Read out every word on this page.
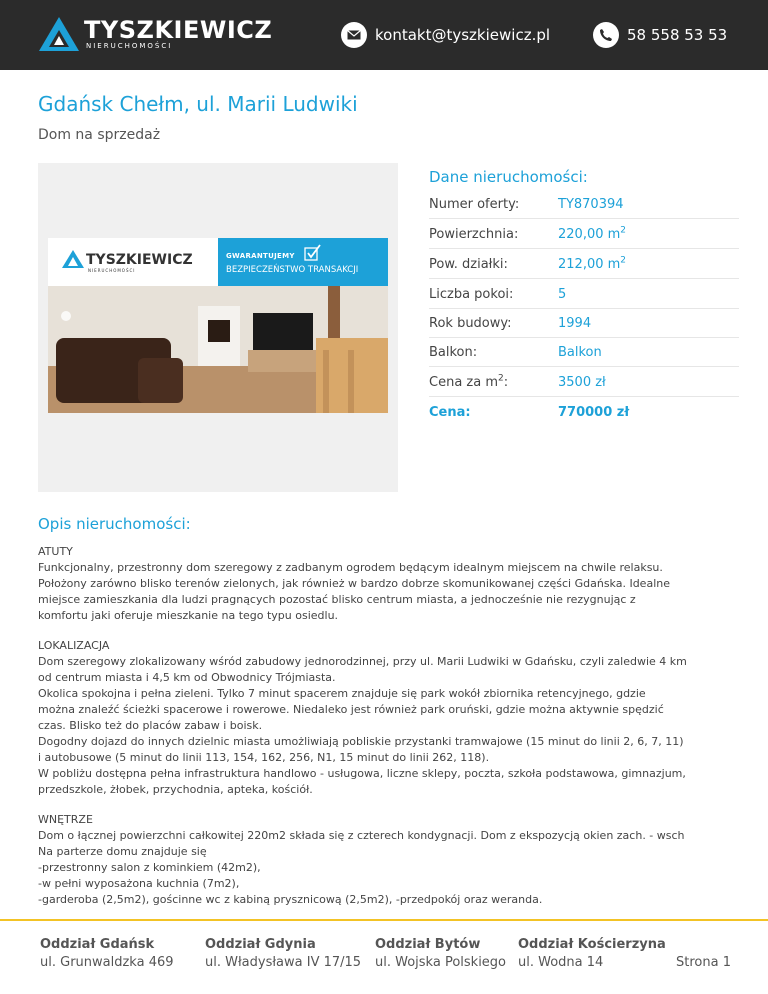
TYSZKIEWICZ
NIERUCHOMOŚCI
kontakt@tyszkiewicz.pl	58 558 53 53
Gdańsk Chełm, ul. Marii Ludwiki
Dom na sprzedaż
TYSZKIEWICZ
NIERUCHOMOŚCI
GWARANTUJEMY
BEZPIECZEŃSTWO TRANSAKCJI
Dane nieruchomości:
Numer oferty:	TY870394
Powierzchnia:	220,00 $m^2$
Pow. działki:	212,00 $m^2$
Liczba pokoi:	5
Rok budowy:	1994
Balkon:	Balkon
Cena za $m^2$:	3500 zł
Cena:	770000 zł
Opis nieruchomości:

ATUTY

Funkcjonalny, przestronny dom szeregowy z zadbanym ogrodem będącym idealnym miejscem na chwile relaksu.

Położony zarówno blisko terenów zielonych, jak również w bardzo dobrze skomunikowanej części Gdańska. Idealne

miejsce zamieszkania dla ludzi pragnących pozostać blisko centrum miasta, a jednocześnie nie rezygnując z

komfortu jaki oferuje mieszkanie na tego typu osiedlu.

LOKALIZACJA

Dom szeregowy zlokalizowany wśród zabudowy jednorodzinnej, przy ul. Marii Ludwiki w Gdańsku, czyli zaledwie 4 km

od centrum miasta i 4,5 km od Obwodnicy Trójmiasta.

Okolica spokojna i pełna zieleni. Tylko 7 minut spacerem znajduje się park wokół zbiornika retencyjnego, gdzie

można znaleźć ścieżki spacerowe i rowerowe. Niedaleko jest również park oruński, gdzie można aktywnie spędzić

czas. Blisko też do placów zabaw i boisk.

Dogodny dojazd do innych dzielnic miasta umożliwiają pobliskie przystanki tramwajowe (15 minut do linii 2, 6, 7, 11)

i autobusowe (5 minut do linii 113, 154, 162, 256, N1, 15 minut do linii 262, 118).

W pobliżu dostępna pełna infrastruktura handlowo - usługowa, liczne sklepy, poczta, szkoła podstawowa, gimnazjum,

przedszkole, żłobek, przychodnia, apteka, kościół.

WNĘTRZE

Dom o łącznej powierzchni całkowitej 220m2 składa się z czterech kondygnacji. Dom z ekspozycją okien zach. - wsch

Na parterze domu znajduje się

-przestronny salon z kominkiem (42m2),

-w pełni wyposażona kuchnia (7m2),

-garderoba (2,5m2), gościnne wc z kabiną prysznicową (2,5m2), -przedpokój oraz weranda.

Oddział Gdańsk
ul. Grunwaldzka 469
Oddział Gdynia
ul. Władysława IV 17/15
Oddział Bytów
ul. Wojska Polskiego
Oddział Kościerzyna
ul. Wodna 14	Strona 1
